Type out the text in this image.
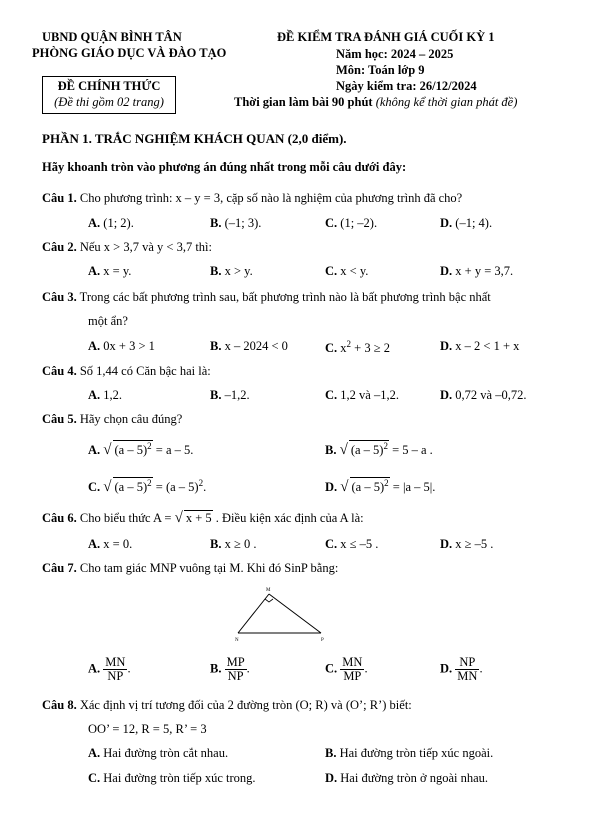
UBND QUẬN BÌNH TÂN
PHÒNG GIÁO DỤC VÀ ĐÀO TẠO
ĐỀ CHÍNH THỨC
(Đề thi gồm 02 trang)
ĐỀ KIỂM TRA ĐÁNH GIÁ CUỐI KỲ 1
Năm học: 2024 – 2025
Môn: Toán lớp 9
Ngày kiểm tra: 26/12/2024
Thời gian làm bài 90 phút (không kể thời gian phát đề)
PHẦN 1. TRẮC NGHIỆM KHÁCH QUAN (2,0 điểm).
Hãy khoanh tròn vào phương án đúng nhất trong mỗi câu dưới đây:
Câu 1. Cho phương trình: x – y = 3, cặp số nào là nghiệm của phương trình đã cho?
A. (1; 2).	B. (–1; 3).	C. (1; –2).	D. (–1; 4).
Câu 2. Nếu x > 3,7 và y < 3,7 thì:
A. x = y.	B. x > y.	C. x < y.	D. x + y = 3,7.
Câu 3. Trong các bất phương trình sau, bất phương trình nào là bất phương trình bậc nhất
một ẩn?
A. 0x + 3 > 1	B. x – 2024 < 0	C. $x^2 + 3 \ge 2$	D. x – 2 < 1 + x
Câu 4. Số 1,44 có Căn bậc hai là:
A. 1,2.	B. –1,2.	C. 1,2 và –1,2.	D. 0,72 và –0,72.
Câu 5. Hãy chọn câu đúng?
A. √ (a – 5)$^2$ = a – 5.	B. √ (a – 5)$^2$ = 5 – a .
C. √ (a – 5)$^2$ = (a – 5)$^2$.	D. √ (a – 5)$^2$ = |a – 5|.
Câu 6. Cho biểu thức A = √ x + 5 . Điều kiện xác định của A là:
A. x = 0.	B. x ≥ 0 .	C. x ≤ –5 .	D. x ≥ –5 .
Câu 7. Cho tam giác MNP vuông tại M. Khi đó SinP bằng:
M
N	P
A. $\frac{MN}{NP}$ .	B. $\frac{MP}{NP}$ .	C. $\frac{MN}{MP}$ .	D. $\frac{NP}{MN}$ .
Câu 8. Xác định vị trí tương đối của 2 đường tròn (O; R) và (O’; R’) biết:
OO’ = 12, R = 5, R’ = 3
A. Hai đường tròn cắt nhau.	B. Hai đường tròn tiếp xúc ngoài.
C. Hai đường tròn tiếp xúc trong.	D. Hai đường tròn ở ngoài nhau.
